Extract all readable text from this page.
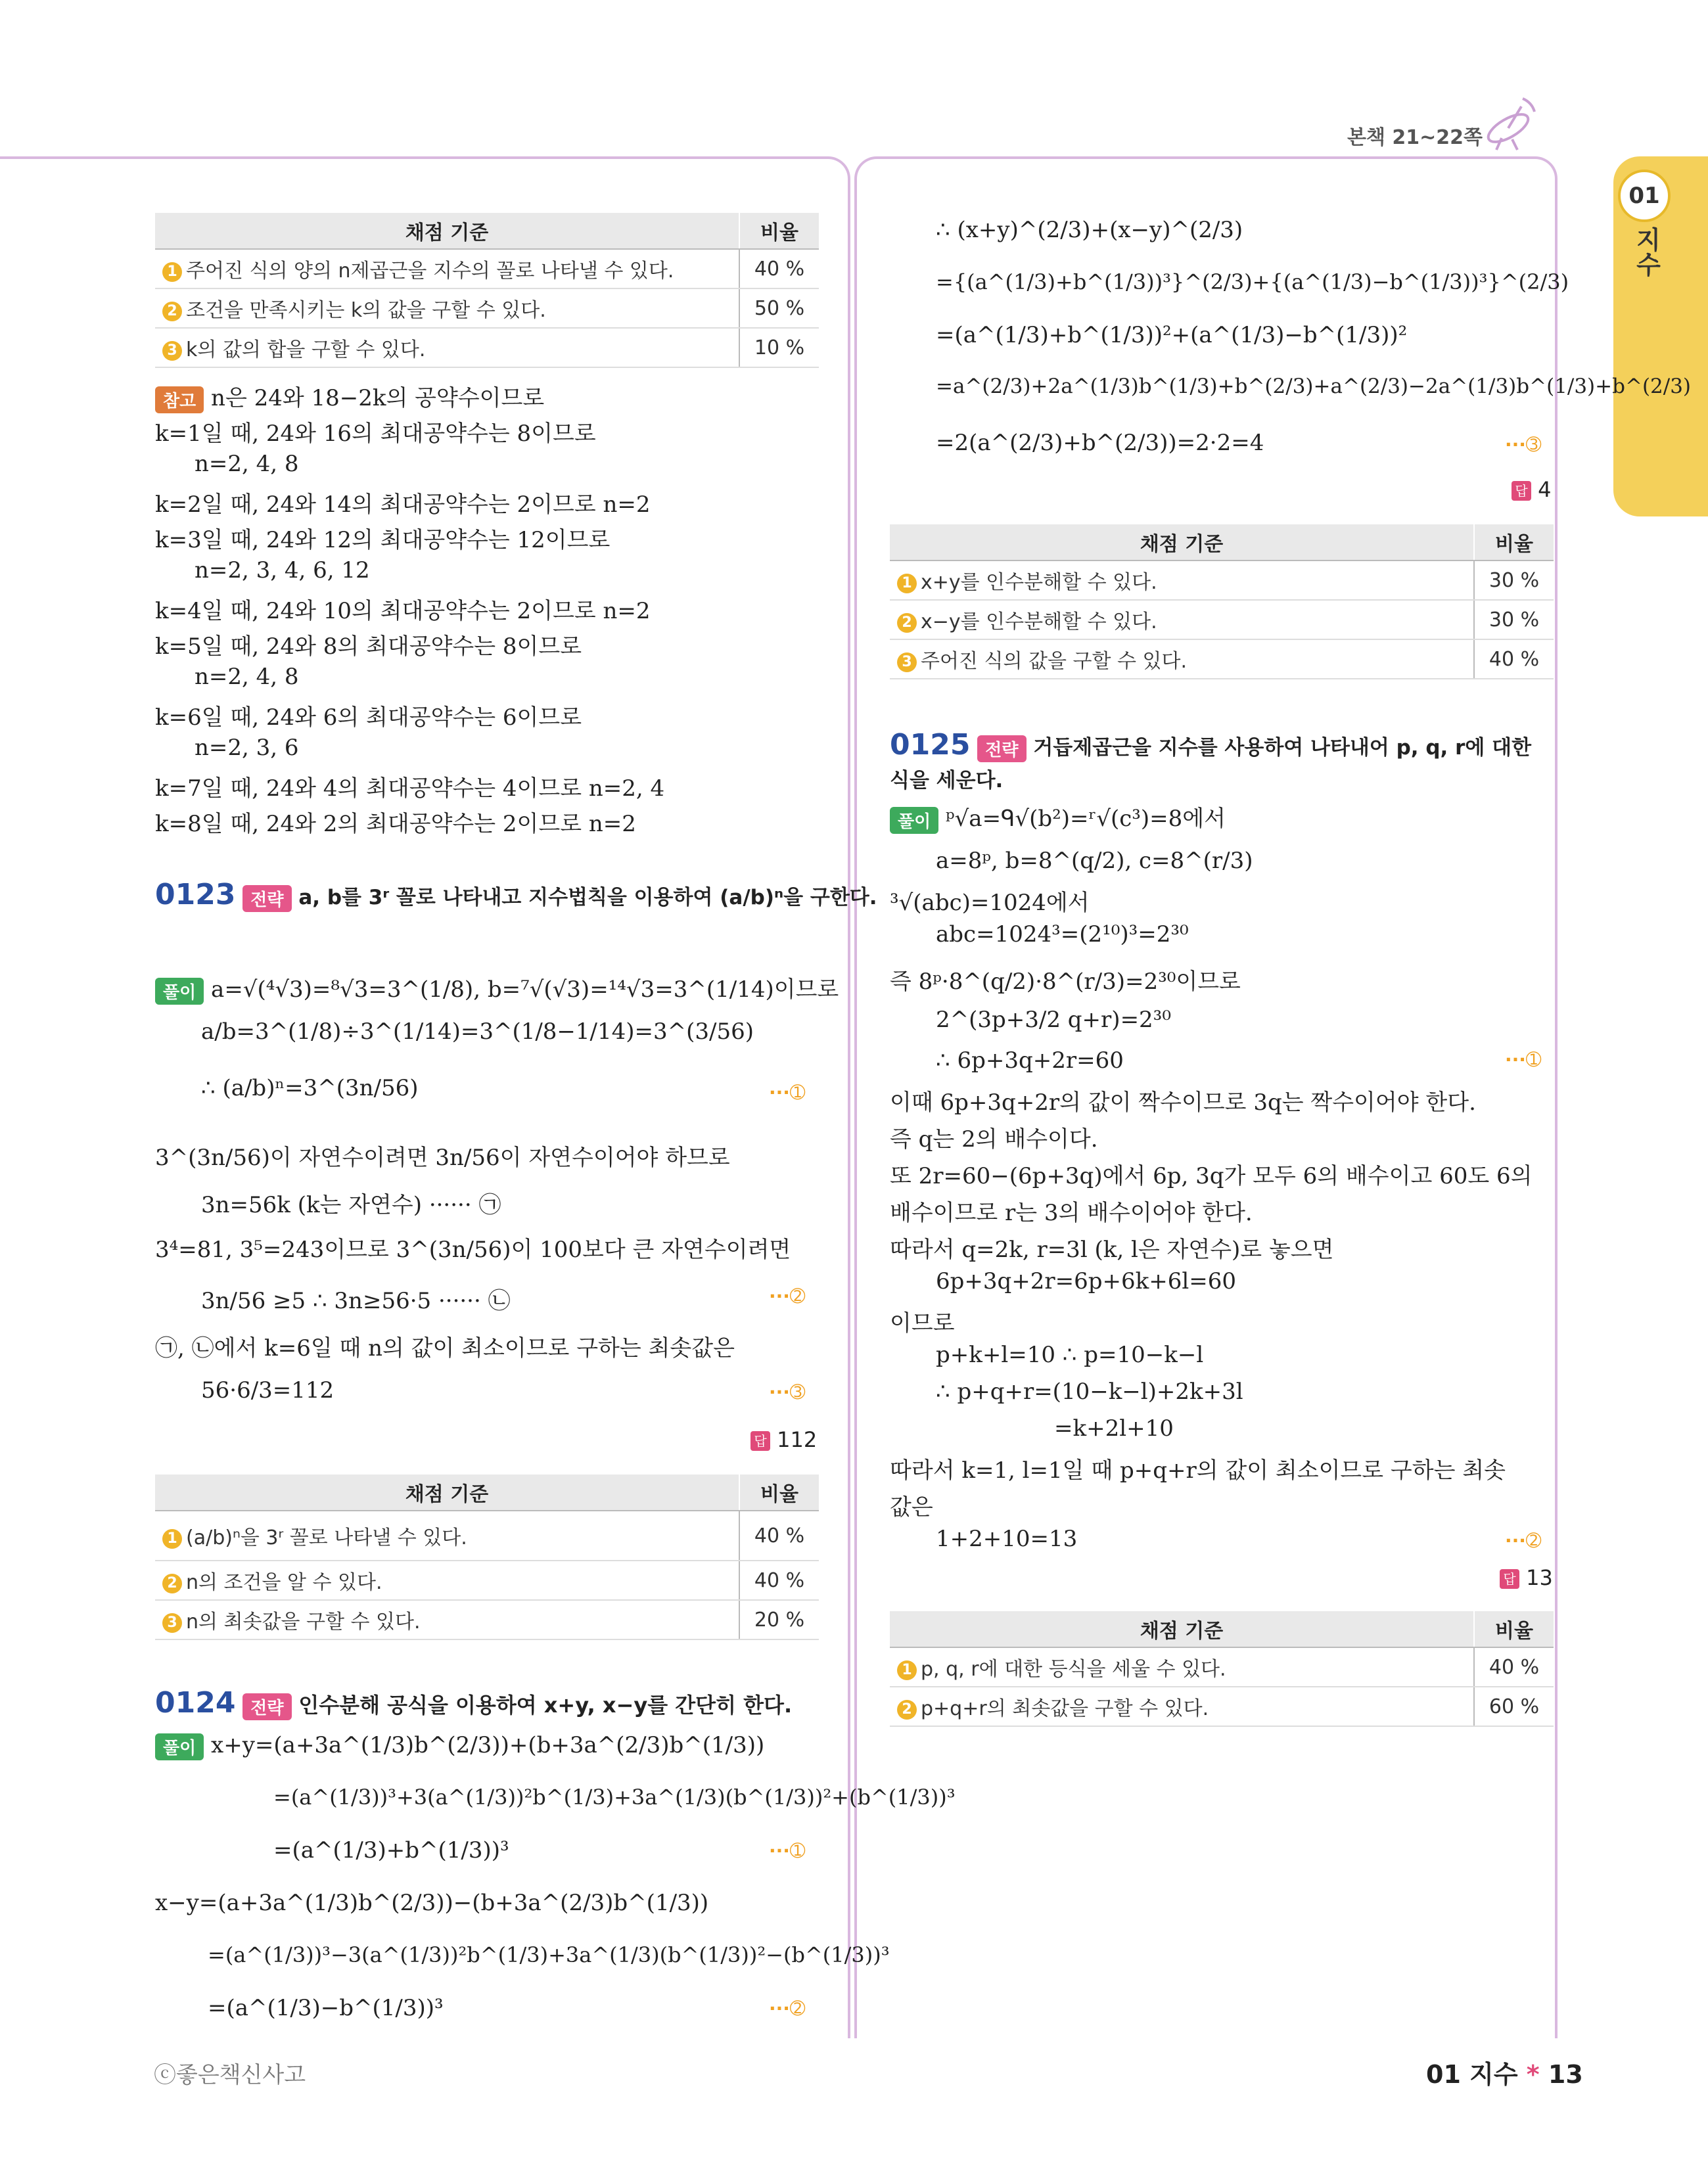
본책 21~22쪽
01
지수
채점 기준	비율
1 주어진 식의 양의 n제곱근을 지수의 꼴로 나타낼 수 있다.	40 %
2 조건을 만족시키는 k의 값을 구할 수 있다.	50 %
3 k의 값의 합을 구할 수 있다.	10 %
참고 n은 24와 18−2k의 공약수이므로
k=1일 때, 24와 16의 최대공약수는 8이므로
n=2, 4, 8
k=2일 때, 24와 14의 최대공약수는 2이므로 n=2
k=3일 때, 24와 12의 최대공약수는 12이므로
n=2, 3, 4, 6, 12
k=4일 때, 24와 10의 최대공약수는 2이므로 n=2
k=5일 때, 24와 8의 최대공약수는 8이므로
n=2, 4, 8
k=6일 때, 24와 6의 최대공약수는 6이므로
n=2, 3, 6
k=7일 때, 24와 4의 최대공약수는 4이므로 n=2, 4
k=8일 때, 24와 2의 최대공약수는 2이므로 n=2
0123 전략 a, b를 3ʳ 꼴로 나타내고 지수법칙을 이용하여 (a/b)ⁿ을 구한다.
풀이 a=√(⁴√3)=⁸√3=3^(1/8), b=⁷√(√3)=¹⁴√3=3^(1/14)이므로
a/b=3^(1/8)÷3^(1/14)=3^(1/8−1/14)=3^(3/56)
∴ (a/b)ⁿ=3^(3n/56)	···➀
3^(3n/56)이 자연수이려면 3n/56이 자연수이어야 하므로
3n=56k (k는 자연수) ······ ㉠
3⁴=81, 3⁵=243이므로 3^(3n/56)이 100보다 큰 자연수이려면
3n/56 ≥5 ∴ 3n≥56·5 ······ ㉡	···➁
㉠, ㉡에서 k=6일 때 n의 값이 최소이므로 구하는 최솟값은
56·6/3=112	···➂
답 112
채점 기준	비율
1 (a/b)ⁿ을 3ʳ 꼴로 나타낼 수 있다.	40 %
2 n의 조건을 알 수 있다.	40 %
3 n의 최솟값을 구할 수 있다.	20 %
0124 전략 인수분해 공식을 이용하여 x+y, x−y를 간단히 한다.
풀이 x+y=(a+3a^(1/3)b^(2/3))+(b+3a^(2/3)b^(1/3))
=(a^(1/3))³+3(a^(1/3))²b^(1/3)+3a^(1/3)(b^(1/3))²+(b^(1/3))³
=(a^(1/3)+b^(1/3))³	···➀
x−y=(a+3a^(1/3)b^(2/3))−(b+3a^(2/3)b^(1/3))
=(a^(1/3))³−3(a^(1/3))²b^(1/3)+3a^(1/3)(b^(1/3))²−(b^(1/3))³
=(a^(1/3)−b^(1/3))³	···➁
∴ (x+y)^(2/3)+(x−y)^(2/3)
={(a^(1/3)+b^(1/3))³}^(2/3)+{(a^(1/3)−b^(1/3))³}^(2/3)
=(a^(1/3)+b^(1/3))²+(a^(1/3)−b^(1/3))²
=a^(2/3)+2a^(1/3)b^(1/3)+b^(2/3)+a^(2/3)−2a^(1/3)b^(1/3)+b^(2/3)
=2(a^(2/3)+b^(2/3))=2·2=4	···➂
답 4
채점 기준	비율
1 x+y를 인수분해할 수 있다.	30 %
2 x−y를 인수분해할 수 있다.	30 %
3 주어진 식의 값을 구할 수 있다.	40 %
0125 전략 거듭제곱근을 지수를 사용하여 나타내어 p, q, r에 대한
식을 세운다.
풀이 ᵖ√a=ᑫ√(b²)=ʳ√(c³)=8에서
a=8ᵖ, b=8^(q/2), c=8^(r/3)
³√(abc)=1024에서
abc=1024³=(2¹⁰)³=2³⁰
즉 8ᵖ·8^(q/2)·8^(r/3)=2³⁰이므로
2^(3p+3/2 q+r)=2³⁰
∴ 6p+3q+2r=60	···➀
이때 6p+3q+2r의 값이 짝수이므로 3q는 짝수이어야 한다.
즉 q는 2의 배수이다.
또 2r=60−(6p+3q)에서 6p, 3q가 모두 6의 배수이고 60도 6의
배수이므로 r는 3의 배수이어야 한다.
따라서 q=2k, r=3l (k, l은 자연수)로 놓으면
6p+3q+2r=6p+6k+6l=60
이므로
p+k+l=10 ∴ p=10−k−l
∴ p+q+r=(10−k−l)+2k+3l
=k+2l+10
따라서 k=1, l=1일 때 p+q+r의 값이 최소이므로 구하는 최솟
값은
1+2+10=13	···➁
답 13
채점 기준	비율
1 p, q, r에 대한 등식을 세울 수 있다.	40 %
2 p+q+r의 최솟값을 구할 수 있다.	60 %
ⓒ좋은책신사고	01 지수 * 13
